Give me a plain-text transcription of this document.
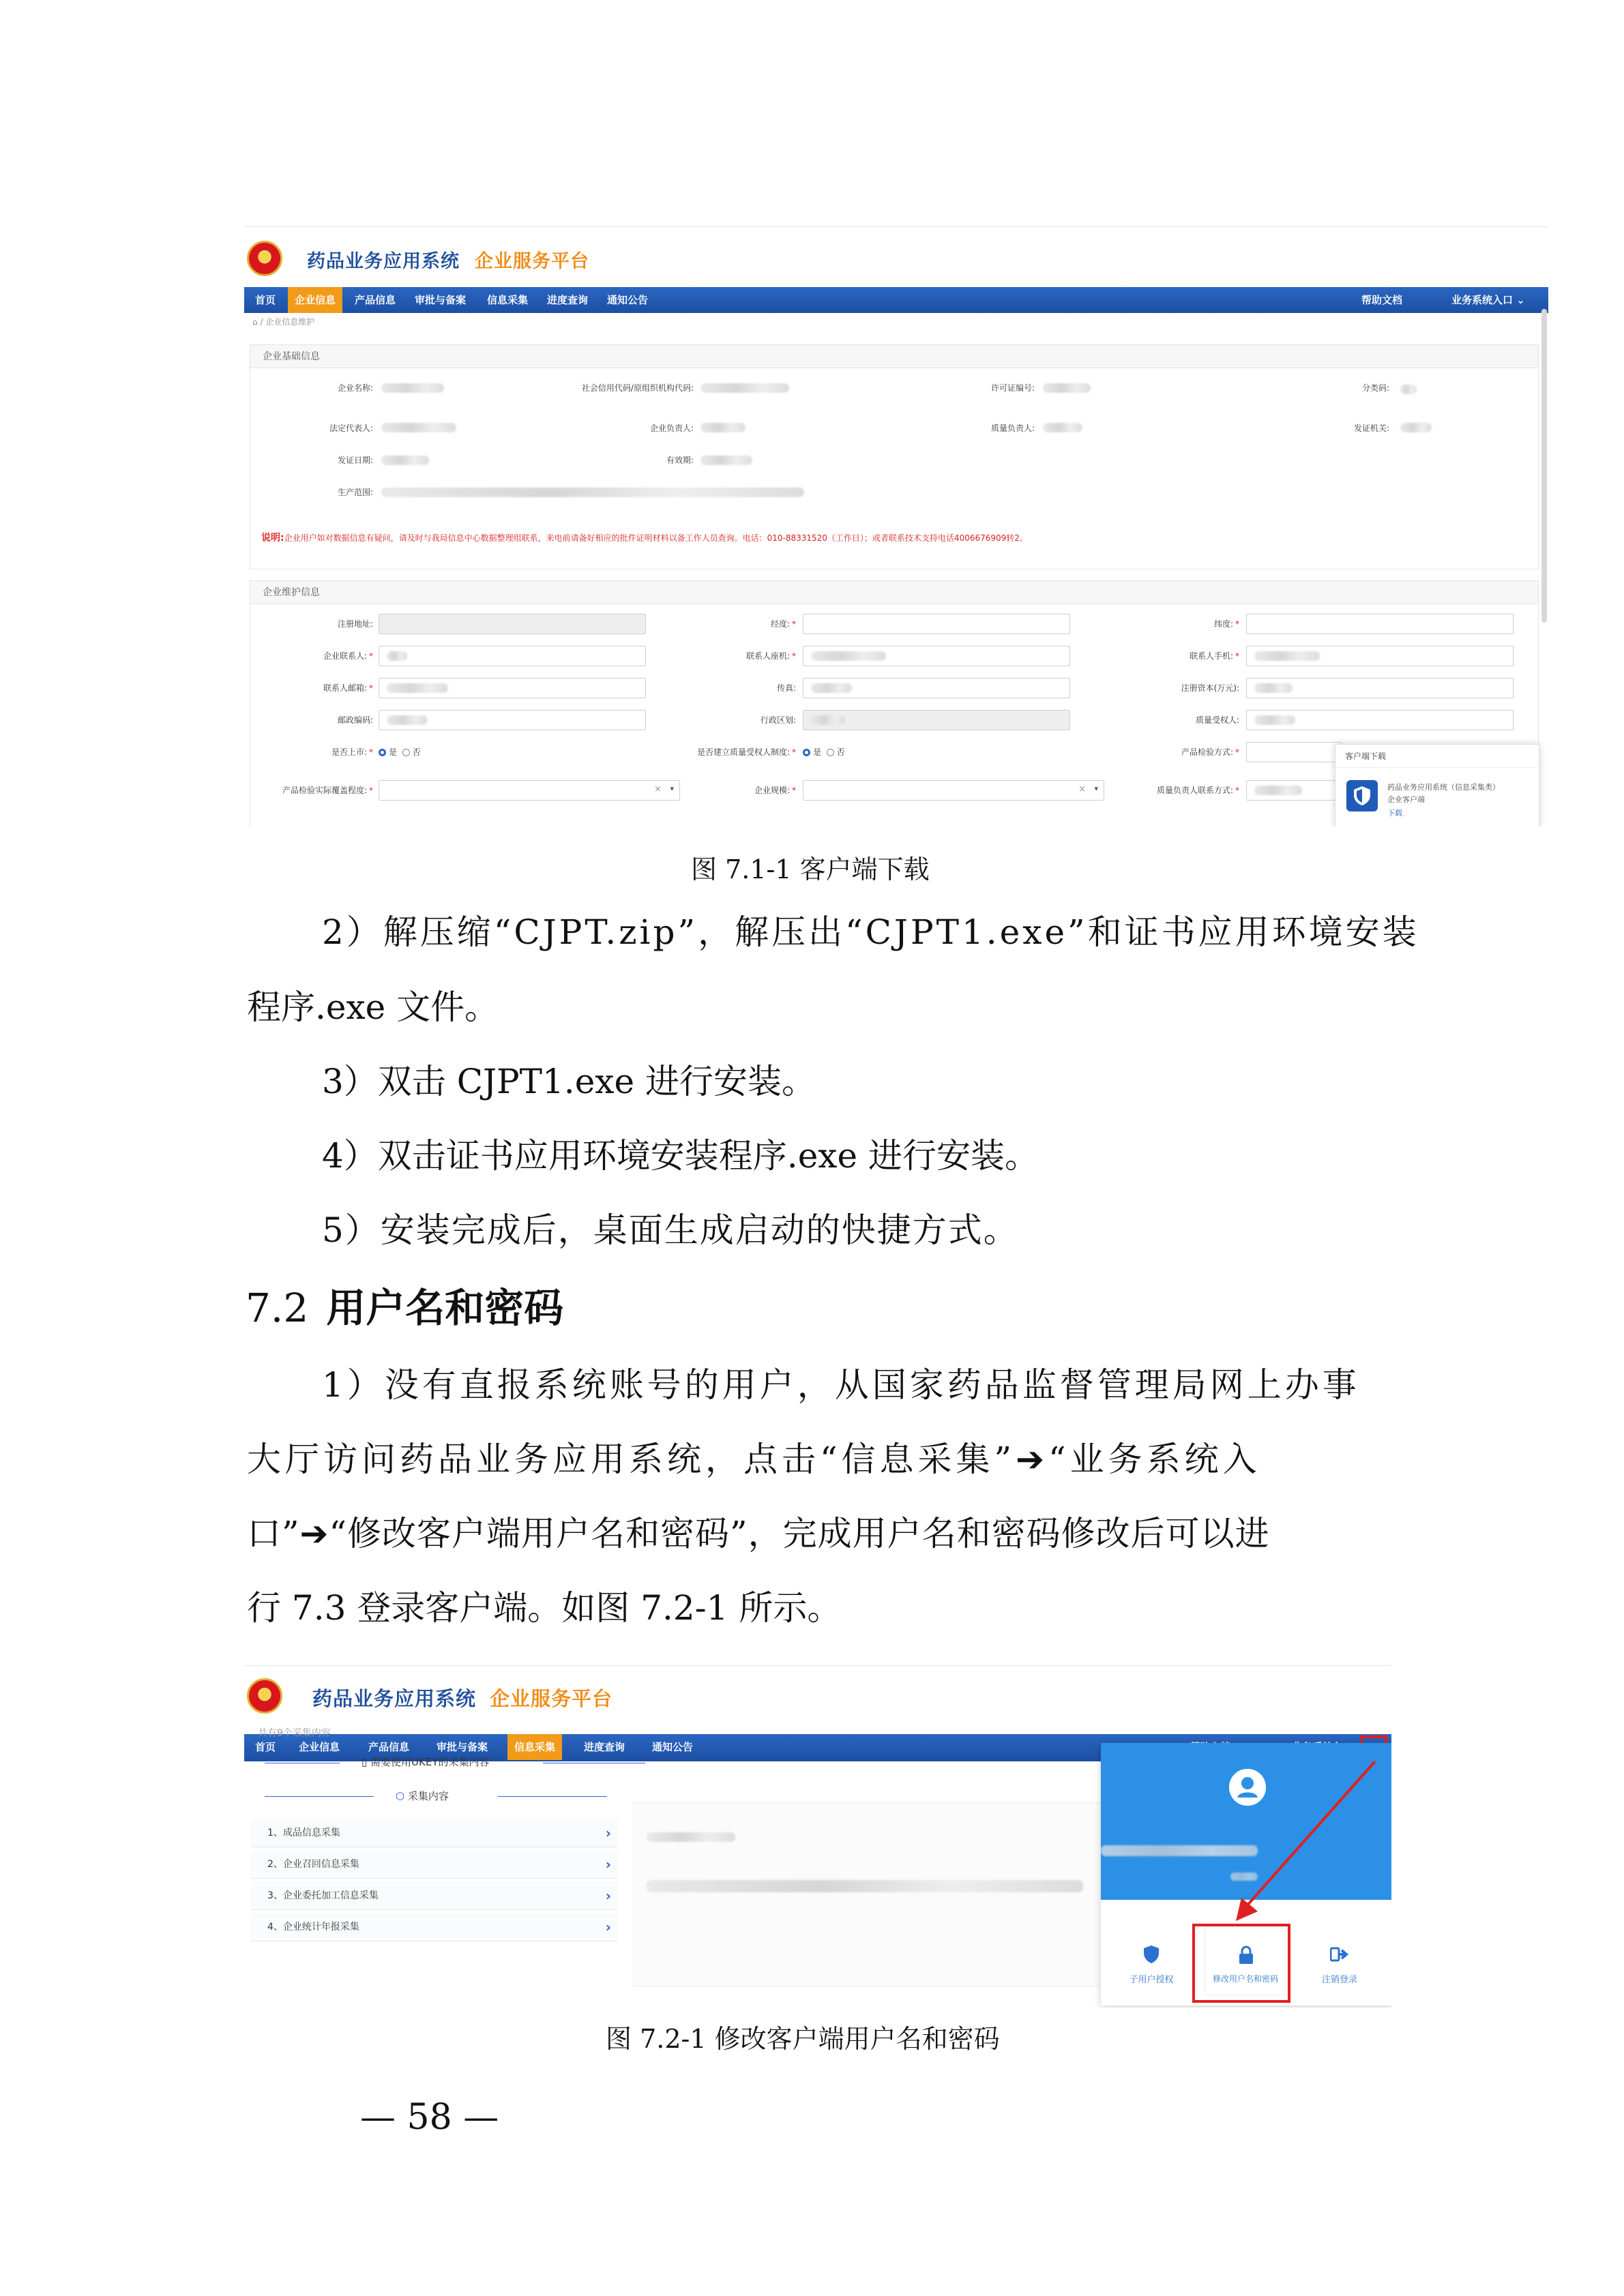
药品业务应用系统 企业服务平台
首页	企业信息	产品信息	审批与备案	信息采集	进度查询	通知公告	帮助文档	业务系统入口 ⌄
⌂ / 企业信息维护
企业基础信息
企业名称:	社会信用代码/原组织机构代码:	许可证编号:	分类码:
法定代表人:	企业负责人:	质量负责人:	发证机关:
发证日期:	有效期:
生产范围:
说明:企业用户如对数据信息有疑问，请及时与我局信息中心数据整理组联系，来电前请备好相应的批件证明材料以备工作人员查询。电话：010-88331520（工作日）；或者联系技术支持电话4006676909转2。
企业维护信息
注册地址:	经度: *	纬度: *
企业联系人: *	联系人座机: *	联系人手机: *
联系人邮箱: *	传真:	注册资本(万元):
邮政编码:	行政区划:	质量受权人:
是否上市: *	是 否	是否建立质量受权人制度: *	是 否	产品检验方式: *
产品检验实际覆盖程度: *	× ▾	企业规模: *	× ▾	质量负责人联系方式: *
客户端下载
药品业务应用系统（信息采集类）
企业客户端
下载
图 7.1-1 客户端下载
2）解压缩“CJPT.zip”，解压出“CJPT1.exe”和证书应用环境安装
程序.exe 文件。
3）双击 CJPT1.exe 进行安装。
4）双击证书应用环境安装程序.exe 进行安装。
5）安装完成后，桌面生成启动的快捷方式。
7.2 用户名和密码
1）没有直报系统账号的用户，从国家药品监督管理局网上办事
大厅访问药品业务应用系统，点击“信息采集”➔“业务系统入
口”➔“修改客户端用户名和密码”，完成用户名和密码修改后可以进
行 7.3 登录客户端。如图 7.2-1 所示。
药品业务应用系统 企业服务平台
首页	企业信息	产品信息	审批与备案	信息采集	进度查询	通知公告
共有9个采集内容
▯ 需要使用UKEY的采集内容
⬡ 采集内容
1、成品信息采集	›
2、企业召回信息采集	›
3、企业委托加工信息采集	›
4、企业统计年报采集	›
子用户授权	修改用户名和密码	注销登录
图 7.2-1 修改客户端用户名和密码
— 58 —
